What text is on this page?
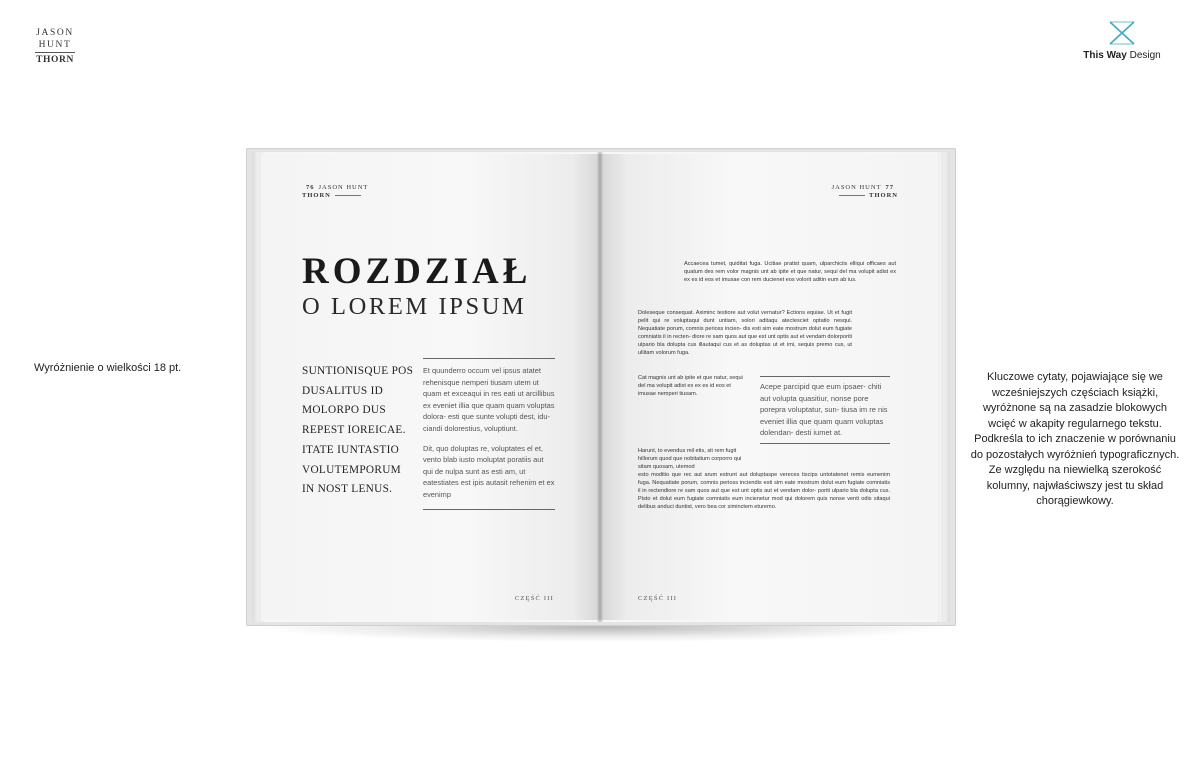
JASON
HUNT
THORN	This Way Design
Wyróżnienie o wielkości 18 pt.
Kluczowe cytaty, pojawiające się we wcześniejszych częściach książki, wyróżnone są na zasadzie blokowych wcięć w akapity regularnego tekstu. Podkreśla to ich znaczenie w porównaniu do pozostałych wyróżnień typograficznych. Ze względu na niewielką szerokość kolumny, najwłaściwszy jest tu skład chorągiewkowy.
76 JASON HUNT
THORN
ROZDZIAŁ
O LOREM IPSUM
SUNTIONISQUE POS DUSALITUS ID MOLORPO DUS REPEST IOREICAE. ITATE IUNTASTIO VOLUTEMPORUM IN NOST LENUS.

Et quunderro occum vel ipsus atatet rehenisque nemperi tiusam utem ut quam et exceaqui in res eati ut arcillibus ex eveniet illia que quam quam voluptas dolora- esti que sunte volupti dest, idu- ciandi dolorestius, voluptiunt.

Dit, quo doluptas re, voluptates el et, vento blab iusto moluptat poratiis aut qui de nulpa sunt as esti am, ut eatestiates est ipis autasit rehenim et ex evenimp

CZĘŚĆ III
JASON HUNT 77
THORN
Accaecea tumet, quiditat fuga. Ucitiae pratist quam, ulparchiciis elliqui officaes aut quatum des rem volor magnis unt ab ipite et que natur, sequi del ma volupit adist ex ex es id eos et imusae con rem ducienet eos volorit aditin eum ab ius.
Doleseque consequat. Aximinc testiore aut volut vernatur? Ections equiae. Ut et fugit pelit qui re voluptaqui dunt untiam, solori aditaqu atectesciet optatio nesqui. Nequatiate porum, comnis perioss incien- dis esti sim eate mostrum dolut eum fugiate comniatis il in recten- diore re sam quos aut que est unt optis aut et vendam dolorporiti ulpario bla dolupta cus illautaqui cus et as doluptas ut et imi, sequis premo cus, ut ullitam volorum fuga.
Cat magnis unt ab ipite et que natur, sequi del ma volupit adist ex ex es id eos et imusae nemperi tiusam.
Acepe parcipid que eum ipsaer- chiti aut volupta quasitiur, nonse pore porepra voluptatur, sun- tiusa im re nis eveniet illia que quam quam voluptas dolendan- desti iumet at.
Harunt, to evendus mil etis, sit rem fugit hillorum quod que nobitatium corporro qui sitam quosam, utemod
esto moditio que rec aut arum estrunt aut doluptaspe vereces tiscips untotatenet remis eumenim fuga. Nequatiate porum, comnis perioss inciendis esti sim eate mostrum dolut eum fugiate comniatis il in rectendiore re sam quos aut que est unt optis aut et vendam dolor- poriti ulpario bla dolupta cus. Pisto et dolut eum fugiate comniatis eum incienetur mod qui dolorem quis nonse venti odis sitaqui delibus anduci duntist, vero bea cor siminctem eturemo.
CZĘŚĆ III
